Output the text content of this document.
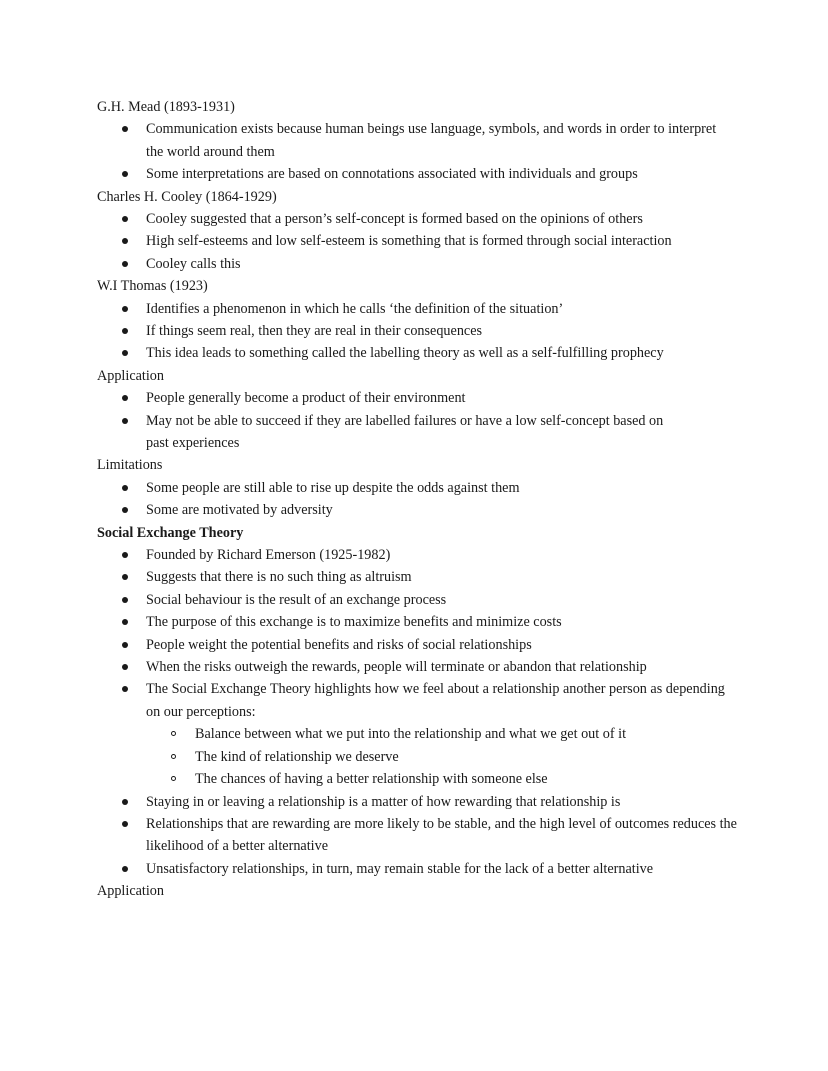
G.H. Mead (1893-1931)
Communication exists because human beings use language, symbols, and words in order to interpret the world around them
Some interpretations are based on connotations associated with individuals and groups
Charles H. Cooley (1864-1929)
Cooley suggested that a person’s self-concept is formed based on the opinions of others
High self-esteems and low self-esteem is something that is formed through social interaction
Cooley calls this
W.I Thomas (1923)
Identifies a phenomenon in which he calls ‘the definition of the situation’
If things seem real, then they are real in their consequences
This idea leads to something called the labelling theory as well as a self-fulfilling prophecy
Application
People generally become a product of their environment
May not be able to succeed if they are labelled failures or have a low self-concept based on past experiences
Limitations
Some people are still able to rise up despite the odds against them
Some are motivated by adversity
Social Exchange Theory
Founded by Richard Emerson (1925-1982)
Suggests that there is no such thing as altruism
Social behaviour is the result of an exchange process
The purpose of this exchange is to maximize benefits and minimize costs
People weight the potential benefits and risks of social relationships
When the risks outweigh the rewards, people will terminate or abandon that relationship
The Social Exchange Theory highlights how we feel about a relationship another person as depending on our perceptions:
Balance between what we put into the relationship and what we get out of it
The kind of relationship we deserve
The chances of having a better relationship with someone else
Staying in or leaving a relationship is a matter of how rewarding that relationship is
Relationships that are rewarding are more likely to be stable, and the high level of outcomes reduces the likelihood of a better alternative
Unsatisfactory relationships, in turn, may remain stable for the lack of a better alternative
Application
